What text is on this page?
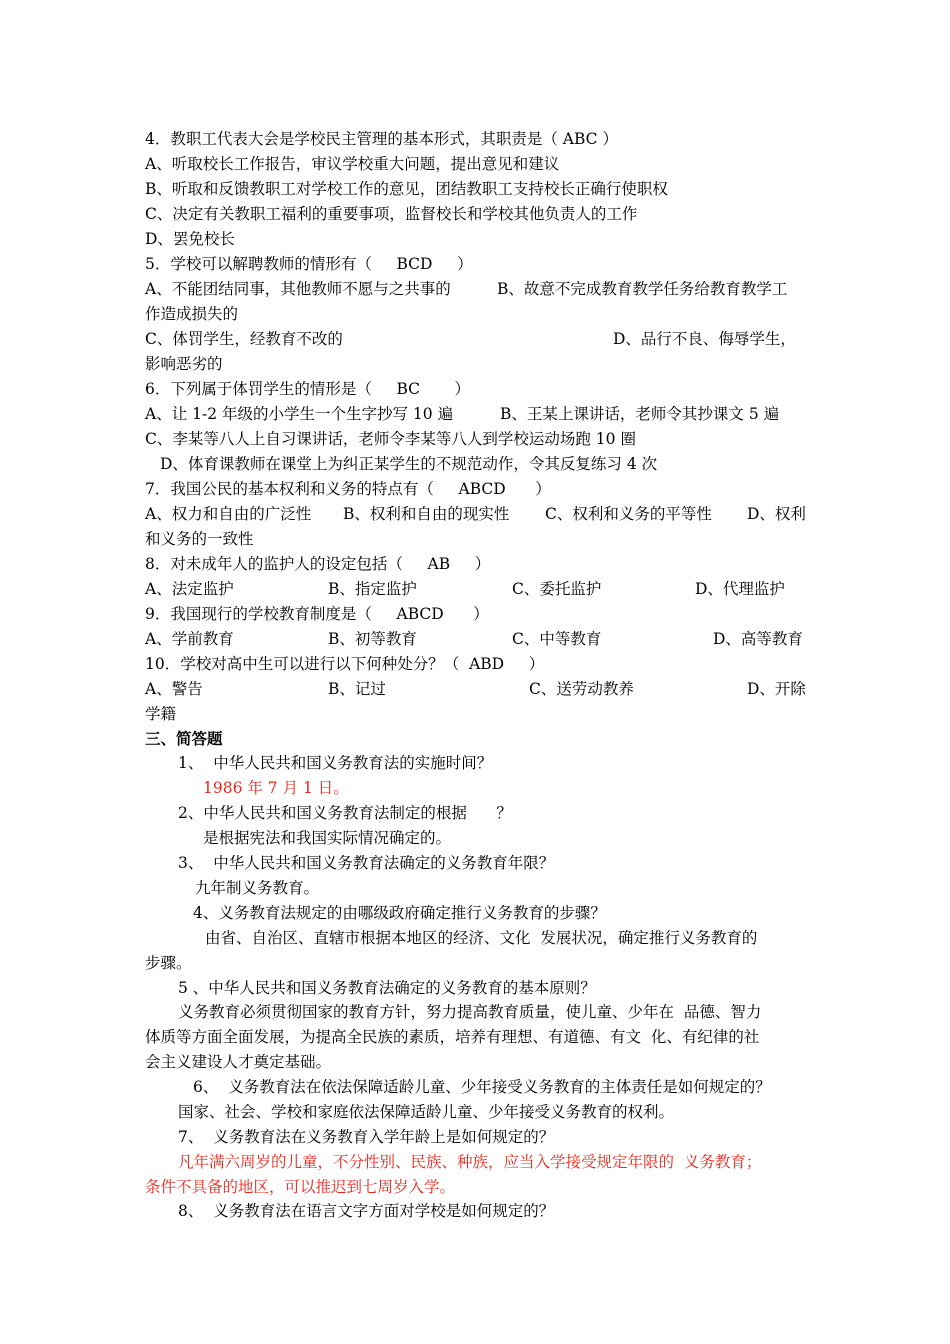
4．教职工代表大会是学校民主管理的基本形式，其职责是（ ABC ）
A、听取校长工作报告，审议学校重大问题，提出意见和建议
B、听取和反馈教职工对学校工作的意见，团结教职工支持校长正确行使职权
C、决定有关教职工福利的重要事项，监督校长和学校其他负责人的工作
D、罢免校长
5．学校可以解聘教师的情形有（     BCD     ）
A、不能团结同事，其他教师不愿与之共事的	B、故意不完成教育教学任务给教育教学工
作造成损失的
C、体罚学生，经教育不改的	D、品行不良、侮辱学生，
影响恶劣的
6．下列属于体罚学生的情形是（     BC       ）
A、让 1-2 年级的小学生一个生字抄写 10 遍	B、王某上课讲话，老师令其抄课文 5 遍
C、李某等八人上自习课讲话，老师令李某等八人到学校运动场跑 10 圈
D、体育课教师在课堂上为纠正某学生的不规范动作，令其反复练习 4 次
7．我国公民的基本权利和义务的特点有（     ABCD      ）
A、权力和自由的广泛性 B、权利和自由的现实性 C、权利和义务的平等性 D、权利
和义务的一致性
8．对未成年人的监护人的设定包括（     AB     ）
A、法定监护	B、指定监护	C、委托监护	D、代理监护
9．我国现行的学校教育制度是（     ABCD      ）
A、学前教育	B、初等教育	C、中等教育	D、高等教育
10．学校对高中生可以进行以下何种处分？（  ABD     ）
A、警告	B、记过	C、送劳动教养	D、开除
学籍
三、简答题
1、  中华人民共和国义务教育法的实施时间？
1986 年 7 月 1 日。
2、中华人民共和国义务教育法制定的根据      ？
是根据宪法和我国实际情况确定的。
3、  中华人民共和国义务教育法确定的义务教育年限？
九年制义务教育。
4、义务教育法规定的由哪级政府确定推行义务教育的步骤？
由省、自治区、直辖市根据本地区的经济、文化  发展状况，确定推行义务教育的
步骤。
5 、中华人民共和国义务教育法确定的义务教育的基本原则？
义务教育必须贯彻国家的教育方针，努力提高教育质量，使儿童、少年在  品德、智力
体质等方面全面发展，为提高全民族的素质，培养有理想、有道德、有文  化、有纪律的社
会主义建设人才奠定基础。
6、  义务教育法在依法保障适龄儿童、少年接受义务教育的主体责任是如何规定的？
国家、社会、学校和家庭依法保障适龄儿童、少年接受义务教育的权利。
7、  义务教育法在义务教育入学年龄上是如何规定的？
凡年满六周岁的儿童，不分性别、民族、种族，应当入学接受规定年限的  义务教育；
条件不具备的地区，可以推迟到七周岁入学。
8、  义务教育法在语言文字方面对学校是如何规定的？
